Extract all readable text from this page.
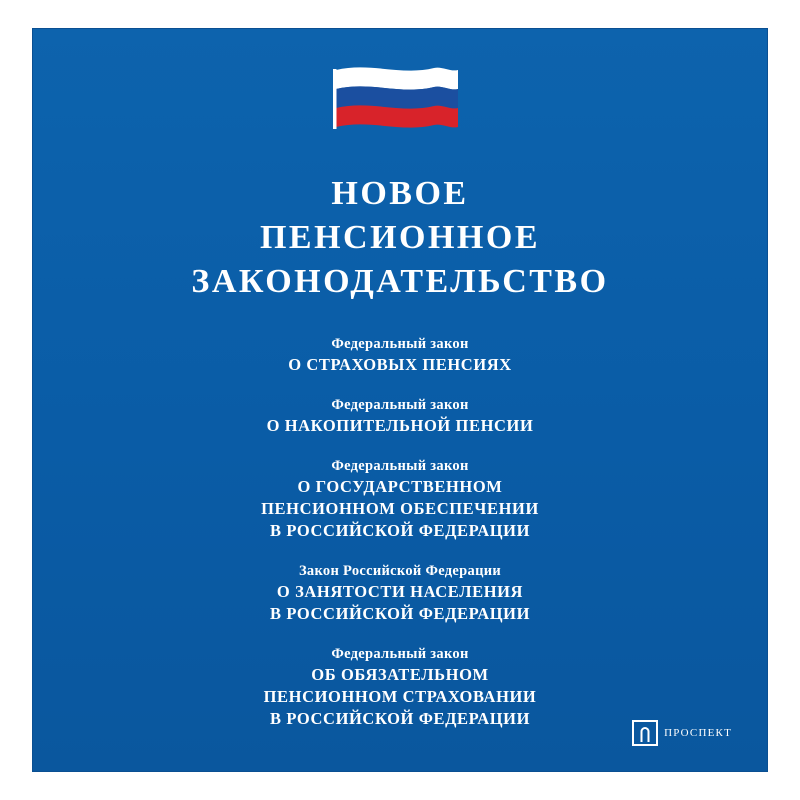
НОВОЕ
ПЕНСИОННОЕ
ЗАКОНОДАТЕЛЬСТВО
Федеральный закон
О СТРАХОВЫХ ПЕНСИЯХ
Федеральный закон
О НАКОПИТЕЛЬНОЙ ПЕНСИИ
Федеральный закон
О ГОСУДАРСТВЕННОМ
ПЕНСИОННОМ ОБЕСПЕЧЕНИИ
В РОССИЙСКОЙ ФЕДЕРАЦИИ
Закон Российской Федерации
О ЗАНЯТОСТИ НАСЕЛЕНИЯ
В РОССИЙСКОЙ ФЕДЕРАЦИИ
Федеральный закон
ОБ ОБЯЗАТЕЛЬНОМ
ПЕНСИОННОМ СТРАХОВАНИИ
В РОССИЙСКОЙ ФЕДЕРАЦИИ
ПРОСПЕКТ
